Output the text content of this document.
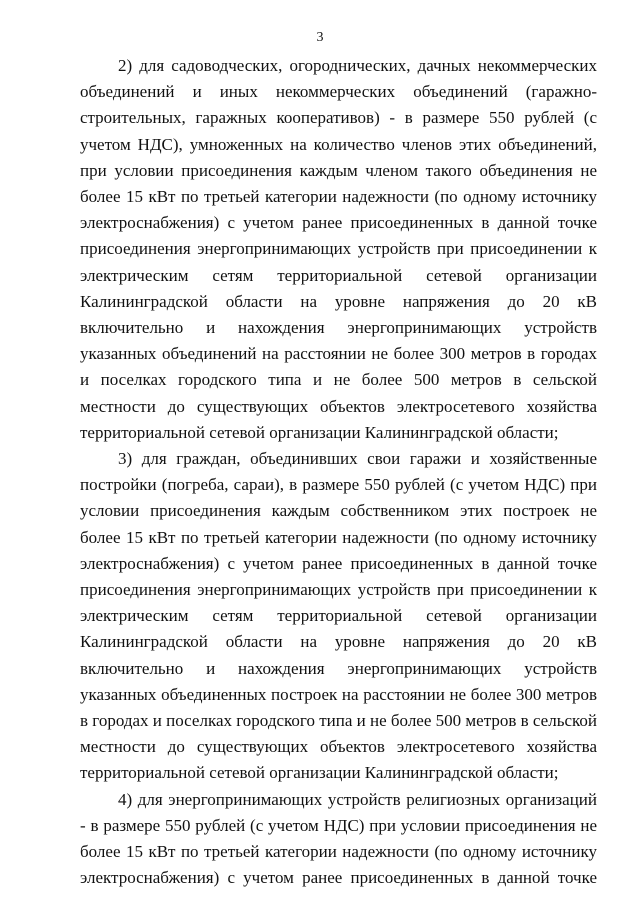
3

2) для садоводческих, огороднических, дачных некоммерческих объединений и иных некоммерческих объединений (гаражно-строительных, гаражных кооперативов) - в размере 550 рублей (с учетом НДС), умноженных на количество членов этих объединений, при условии присоединения каждым членом такого объединения не более 15 кВт по третьей категории надежности (по одному источнику электроснабжения) с учетом ранее присоединенных в данной точке присоединения энергопринимающих устройств при присоединении к электрическим сетям территориальной сетевой организации Калининградской области на уровне напряжения до 20 кВ включительно и нахождения энергопринимающих устройств указанных объединений на расстоянии не более 300 метров в городах и поселках городского типа и не более 500 метров в сельской местности до существующих объектов электросетевого хозяйства территориальной сетевой организации Калининградской области;

3) для граждан, объединивших свои гаражи и хозяйственные постройки (погреба, сараи), в размере 550 рублей (с учетом НДС) при условии присоединения каждым собственником этих построек не более 15 кВт по третьей категории надежности (по одному источнику электроснабжения) с учетом ранее присоединенных в данной точке присоединения энергопринимающих устройств при присоединении к электрическим сетям территориальной сетевой организации Калининградской области на уровне напряжения до 20 кВ включительно и нахождения энергопринимающих устройств указанных объединенных построек на расстоянии не более 300 метров в городах и поселках городского типа и не более 500 метров в сельской местности до существующих объектов электросетевого хозяйства территориальной сетевой организации Калининградской области;

4) для энергопринимающих устройств религиозных организаций - в размере 550 рублей (с учетом НДС) при условии присоединения не более 15 кВт по третьей категории надежности (по одному источнику электроснабжения) с учетом ранее присоединенных в данной точке
